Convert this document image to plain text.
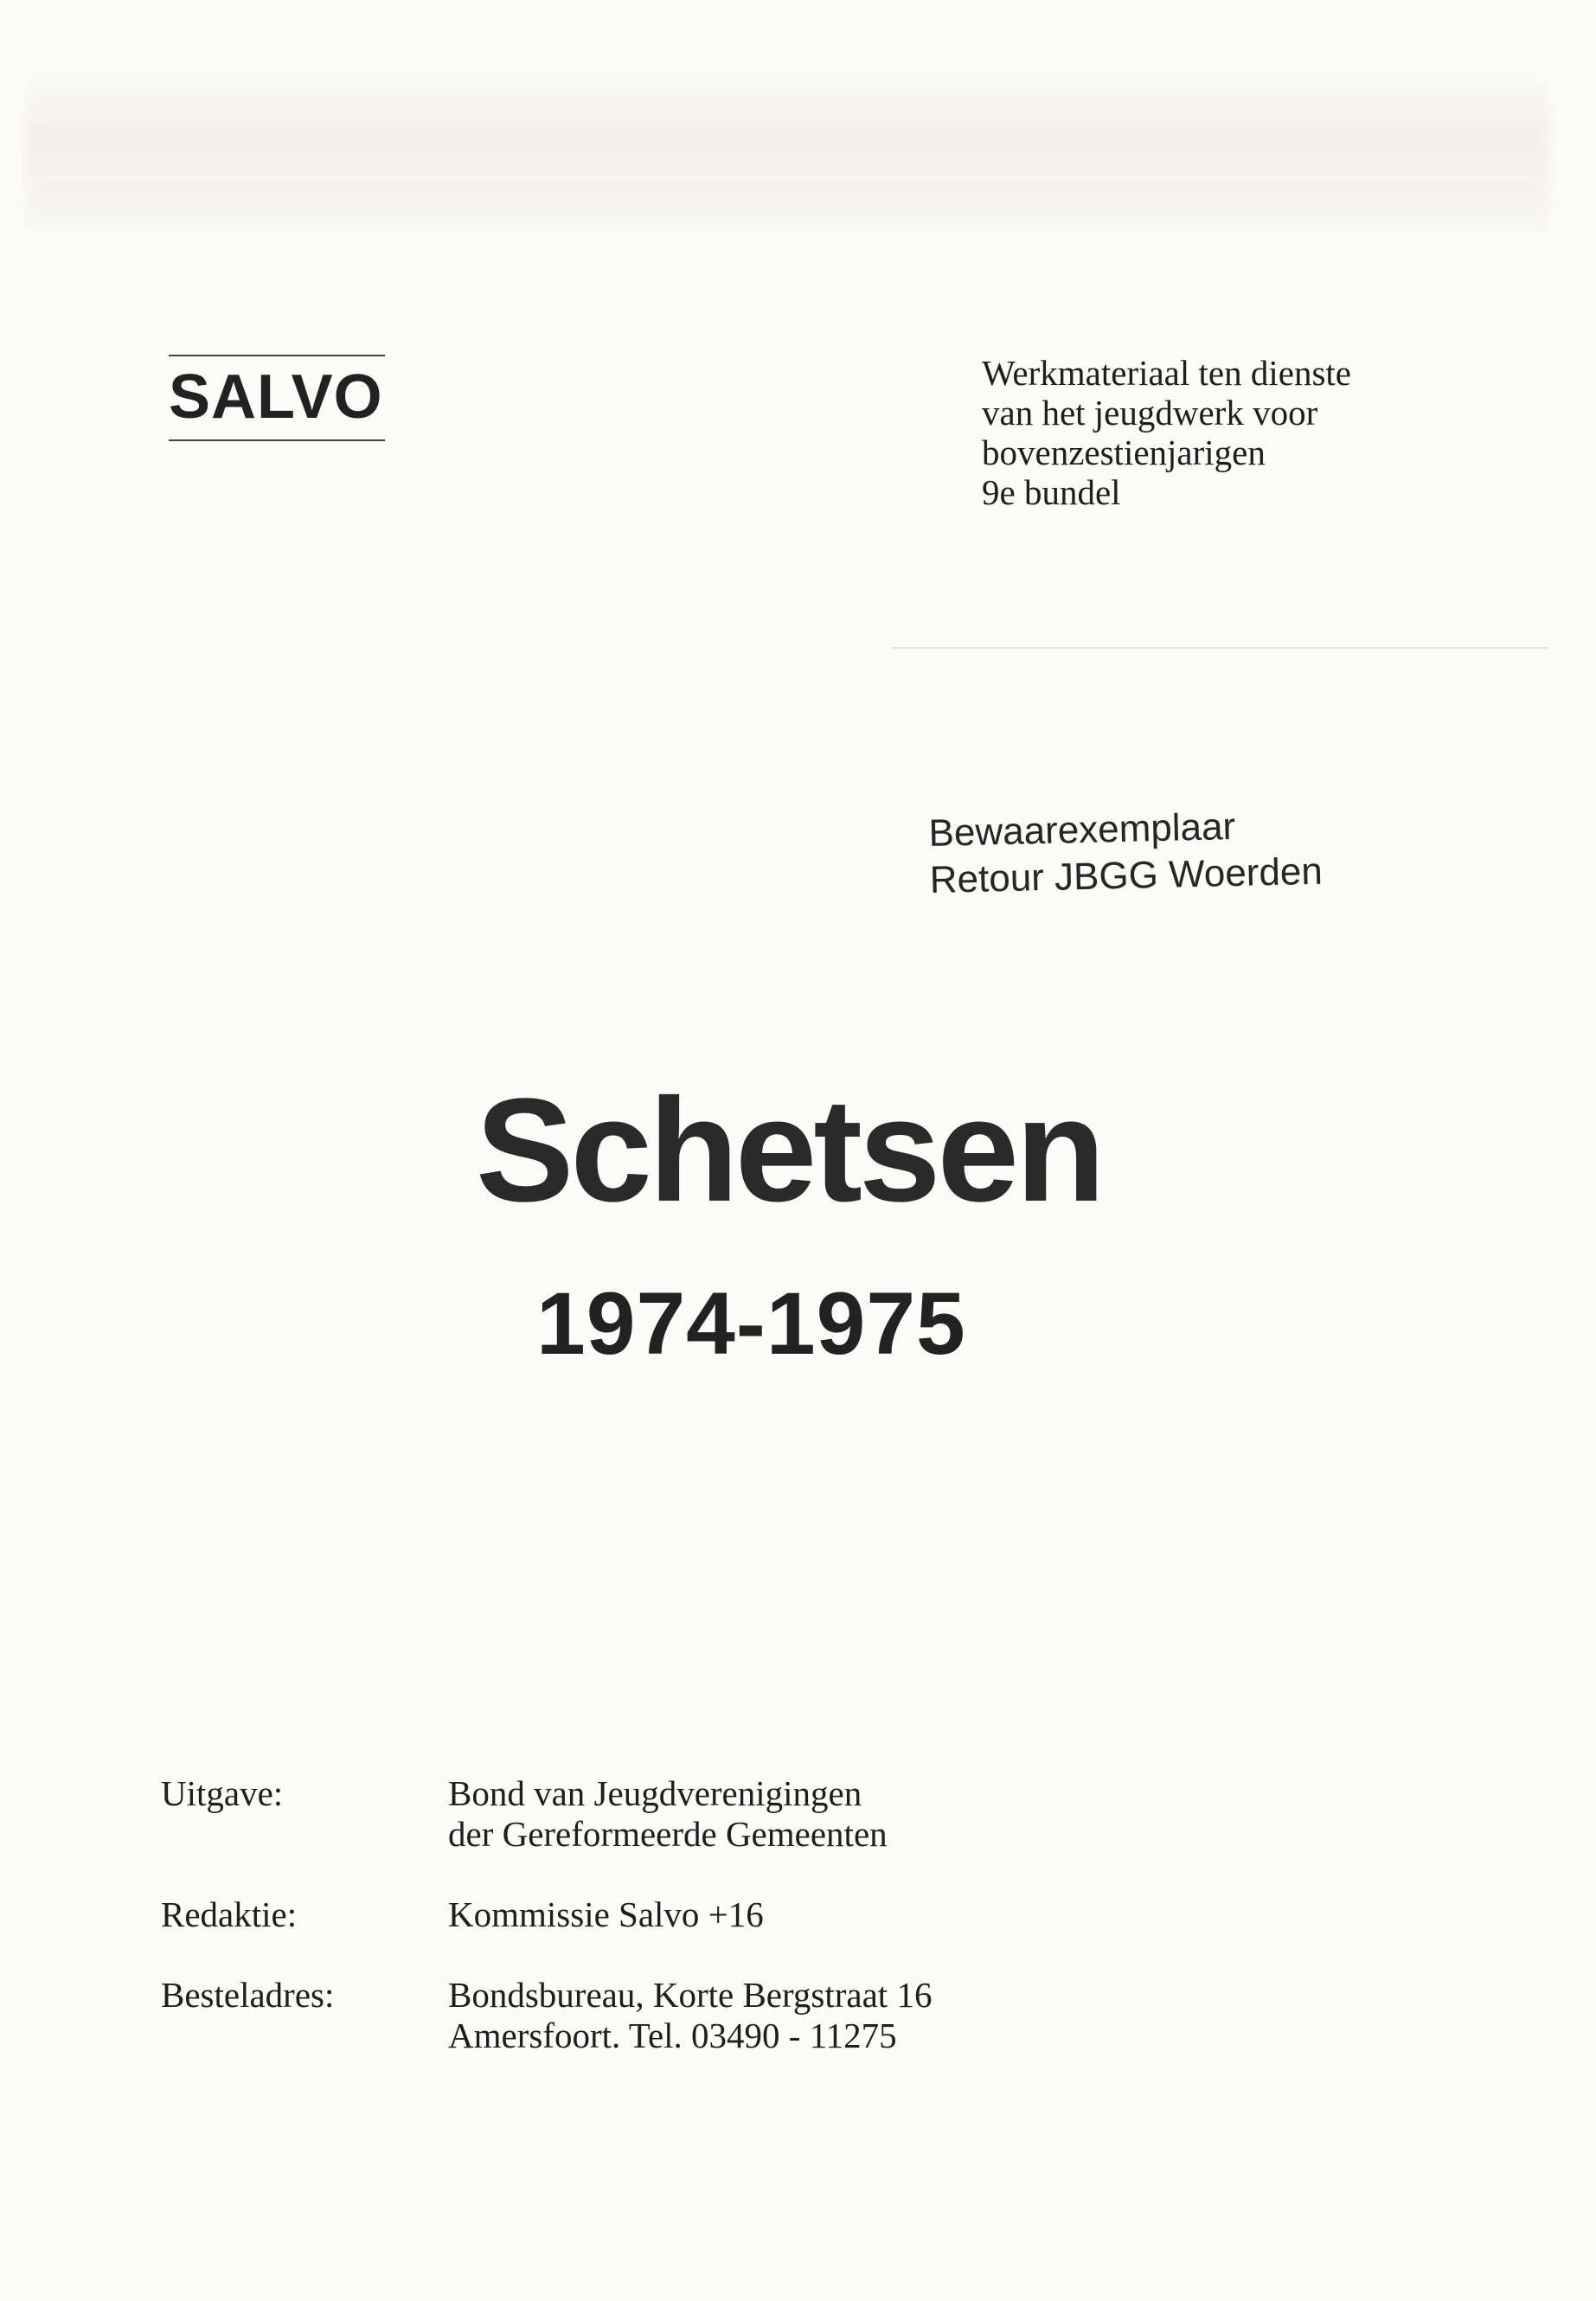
SALVO	Werkmateriaal ten dienste
van het jeugdwerk voor
bovenzestienjarigen
9e bundel
Bewaarexemplaar
Retour JBGG Woerden
Schetsen
1974-1975
Uitgave:	Bond van Jeugdverenigingen
der Gereformeerde Gemeenten
Redaktie:	Kommissie Salvo +16
Besteladres:	Bondsbureau, Korte Bergstraat 16
Amersfoort. Tel. 03490 - 11275
